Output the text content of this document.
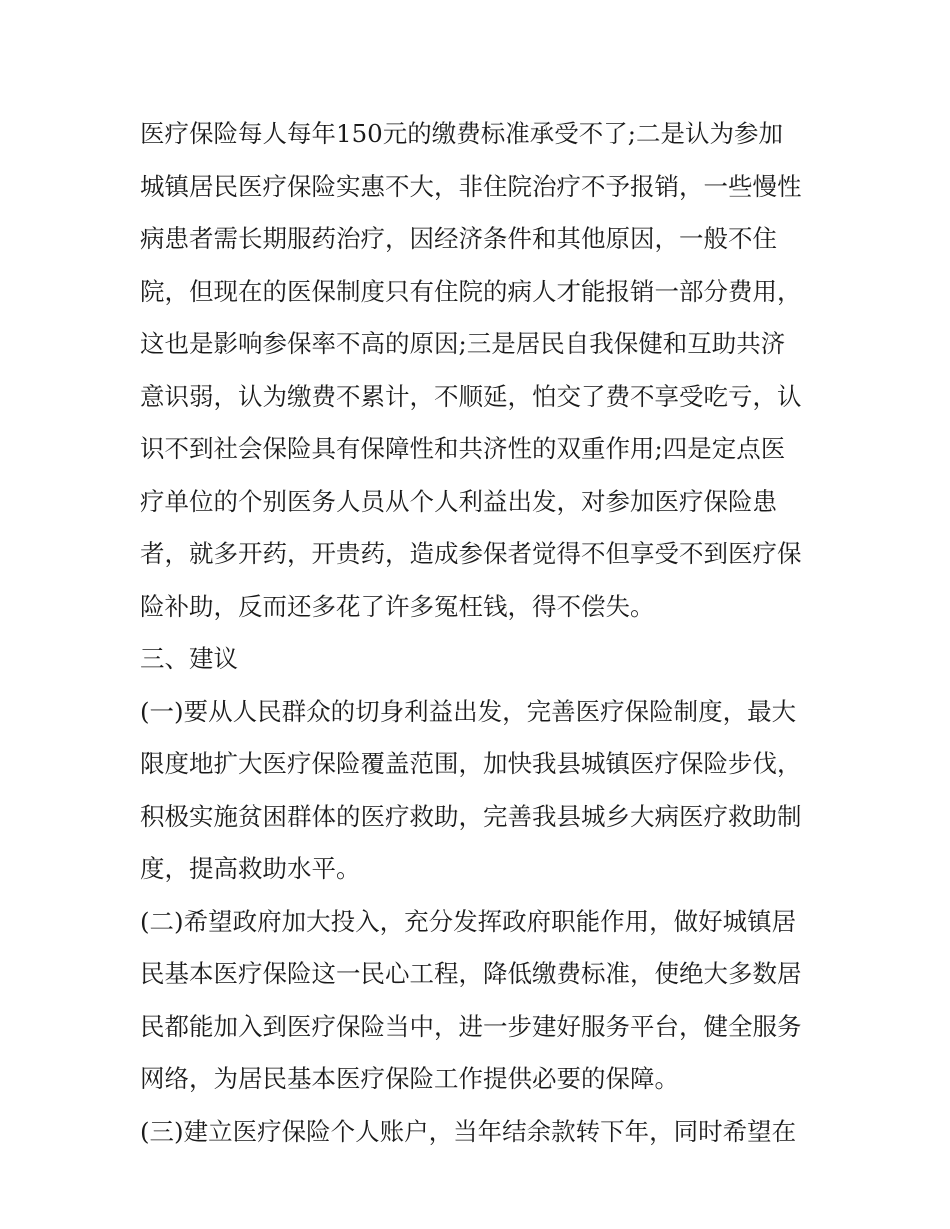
医疗保险每人每年150元的缴费标准承受不了;二是认为参加
城镇居民医疗保险实惠不大，非住院治疗不予报销，一些慢性
病患者需长期服药治疗，因经济条件和其他原因，一般不住
院，但现在的医保制度只有住院的病人才能报销一部分费用，
这也是影响参保率不高的原因;三是居民自我保健和互助共济
意识弱，认为缴费不累计，不顺延，怕交了费不享受吃亏，认
识不到社会保险具有保障性和共济性的双重作用;四是定点医
疗单位的个别医务人员从个人利益出发，对参加医疗保险患
者，就多开药，开贵药，造成参保者觉得不但享受不到医疗保
险补助，反而还多花了许多冤枉钱，得不偿失。
三、建议
(一)要从人民群众的切身利益出发，完善医疗保险制度，最大
限度地扩大医疗保险覆盖范围，加快我县城镇医疗保险步伐，
积极实施贫困群体的医疗救助，完善我县城乡大病医疗救助制
度，提高救助水平。
(二)希望政府加大投入，充分发挥政府职能作用，做好城镇居
民基本医疗保险这一民心工程，降低缴费标准，使绝大多数居
民都能加入到医疗保险当中，进一步建好服务平台，健全服务
网络，为居民基本医疗保险工作提供必要的保障。
(三)建立医疗保险个人账户，当年结余款转下年，同时希望在
